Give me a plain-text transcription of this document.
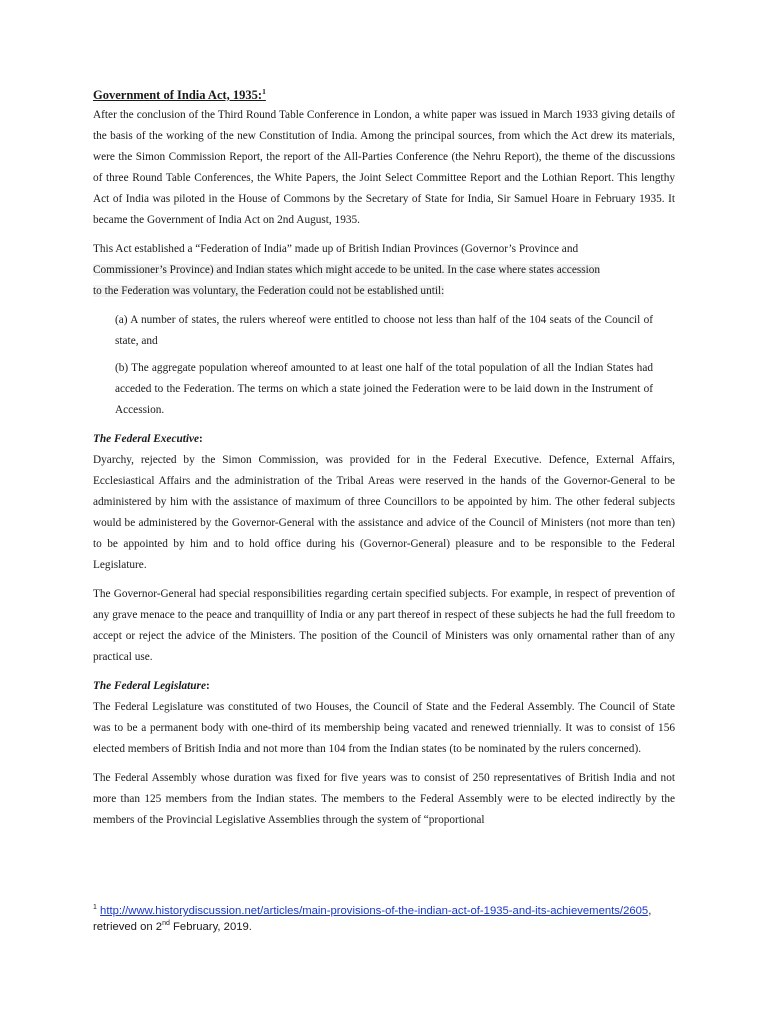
Government of India Act, 1935:$^1$

After the conclusion of the Third Round Table Conference in London, a white paper was issued in March 1933 giving details of the basis of the working of the new Constitution of India. Among the principal sources, from which the Act drew its materials, were the Simon Commission Report, the report of the All-Parties Conference (the Nehru Report), the theme of the discussions of three Round Table Conferences, the White Papers, the Joint Select Committee Report and the Lothian Report. This lengthy Act of India was piloted in the House of Commons by the Secretary of State for India, Sir Samuel Hoare in February 1935. It became the Government of India Act on 2nd August, 1935.

This Act established a “Federation of India” made up of British Indian Provinces (Governor’s Province and
Commissioner’s Province) and Indian states which might accede to be united. In the case where states accession
to the Federation was voluntary, the Federation could not be established until:

(a) A number of states, the rulers whereof were entitled to choose not less than half of the 104 seats of the Council of state, and

(b) The aggregate population whereof amounted to at least one half of the total population of all the Indian States had acceded to the Federation. The terms on which a state joined the Federation were to be laid down in the Instrument of Accession.

The Federal Executive:

Dyarchy, rejected by the Simon Commission, was provided for in the Federal Executive. Defence, External Affairs, Ecclesiastical Affairs and the administration of the Tribal Areas were reserved in the hands of the Governor-General to be administered by him with the assistance of maximum of three Councillors to be appointed by him. The other federal subjects would be administered by the Governor-General with the assistance and advice of the Council of Ministers (not more than ten) to be appointed by him and to hold office during his (Governor-General) pleasure and to be responsible to the Federal Legislature.

The Governor-General had special responsibilities regarding certain specified subjects. For example, in respect of prevention of any grave menace to the peace and tranquillity of India or any part thereof in respect of these subjects he had the full freedom to accept or reject the advice of the Ministers. The position of the Council of Ministers was only ornamental rather than of any practical use.

The Federal Legislature:

The Federal Legislature was constituted of two Houses, the Council of State and the Federal Assembly. The Council of State was to be a permanent body with one-third of its membership being vacated and renewed triennially. It was to consist of 156 elected members of British India and not more than 104 from the Indian states (to be nominated by the rulers concerned).

The Federal Assembly whose duration was fixed for five years was to consist of 250 representatives of British India and not more than 125 members from the Indian states. The members to the Federal Assembly were to be elected indirectly by the members of the Provincial Legislative Assemblies through the system of “proportional

$^1$ http://www.historydiscussion.net/articles/main-provisions-of-the-indian-act-of-1935-and-its-achievements/2605, retrieved on 2nd February, 2019.
